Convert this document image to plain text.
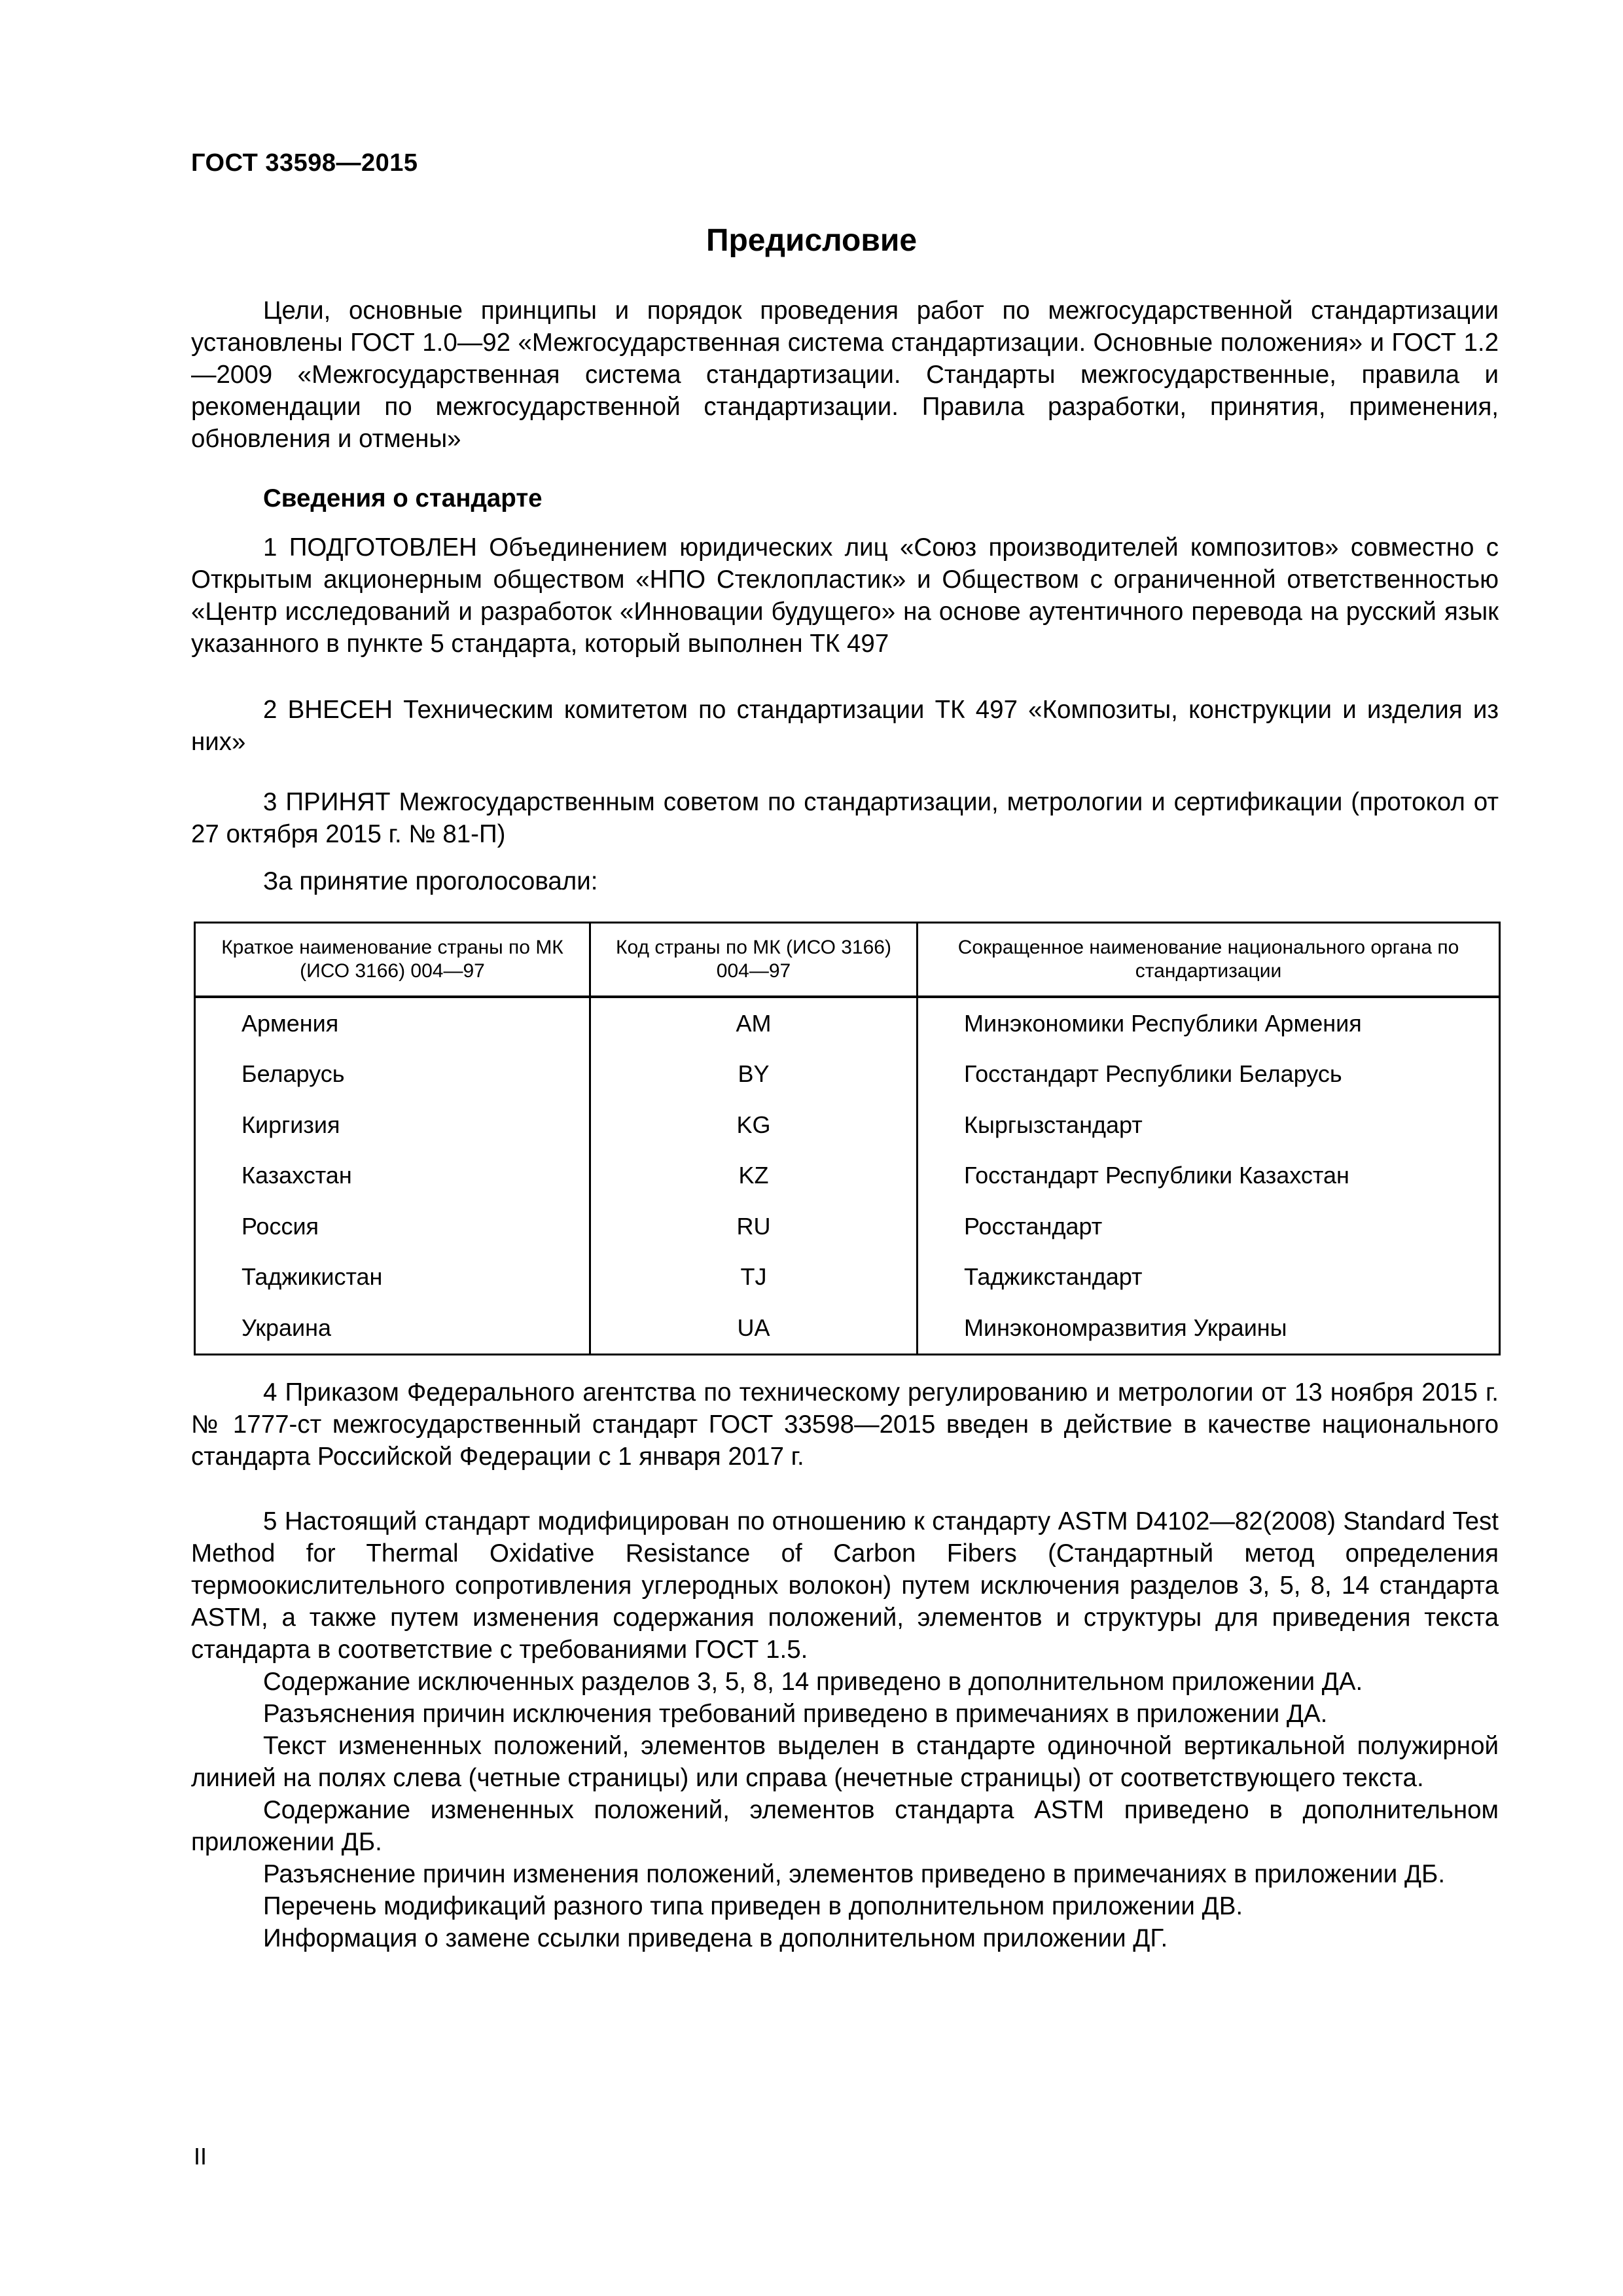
ГОСТ 33598—2015
Предисловие

Цели, основные принципы и порядок проведения работ по межгосударственной стандартизации установлены ГОСТ 1.0—92 «Межгосударственная система стандартизации. Основные положения» и ГОСТ 1.2—2009 «Межгосударственная система стандартизации. Стандарты межгосударственные, правила и рекомендации по межгосударственной стандартизации. Правила разработки, принятия, применения, обновления и отмены»

Сведения о стандарте

1 ПОДГОТОВЛЕН Объединением юридических лиц «Союз производителей композитов» совместно с Открытым акционерным обществом «НПО Стеклопластик» и Обществом с ограниченной ответственностью «Центр исследований и разработок «Инновации будущего» на основе аутентичного перевода на русский язык указанного в пункте 5 стандарта, который выполнен ТК 497

2 ВНЕСЕН Техническим комитетом по стандартизации ТК 497 «Композиты, конструкции и изделия из них»

3 ПРИНЯТ Межгосударственным советом по стандартизации, метрологии и сертификации (протокол от 27 октября 2015 г. № 81-П)

За принятие проголосовали:
Краткое наименование страны по МК (ИСО 3166) 004—97	Код страны по МК (ИСО 3166) 004—97	Сокращенное наименование национального органа по стандартизации
Армения	AM	Минэкономики Республики Армения
Беларусь	BY	Госстандарт Республики Беларусь
Киргизия	KG	Кыргызстандарт
Казахстан	KZ	Госстандарт Республики Казахстан
Россия	RU	Росстандарт
Таджикистан	TJ	Таджикстандарт
Украина	UA	Минэкономразвития Украины

4 Приказом Федерального агентства по техническому регулированию и метрологии от 13 ноября 2015 г. № 1777-ст межгосударственный стандарт ГОСТ 33598—2015 введен в действие в качестве национального стандарта Российской Федерации с 1 января 2017 г.

5 Настоящий стандарт модифицирован по отношению к стандарту ASTM D4102—82(2008) Standard Test Method for Thermal Oxidative Resistance of Carbon Fibers (Стандартный метод определения термоокислительного сопротивления углеродных волокон) путем исключения разделов 3, 5, 8, 14 стандарта ASTM, а также путем изменения содержания положений, элементов и структуры для приведения текста стандарта в соответствие с требованиями ГОСТ 1.5.

Содержание исключенных разделов 3, 5, 8, 14 приведено в дополнительном приложении ДА.

Разъяснения причин исключения требований приведено в примечаниях в приложении ДА.

Текст измененных положений, элементов выделен в стандарте одиночной вертикальной полужирной линией на полях слева (четные страницы) или справа (нечетные страницы) от соответствующего текста.

Содержание измененных положений, элементов стандарта ASTM приведено в дополнительном приложении ДБ.

Разъяснение причин изменения положений, элементов приведено в примечаниях в приложении ДБ.

Перечень модификаций разного типа приведен в дополнительном приложении ДВ.

Информация о замене ссылки приведена в дополнительном приложении ДГ.

II
